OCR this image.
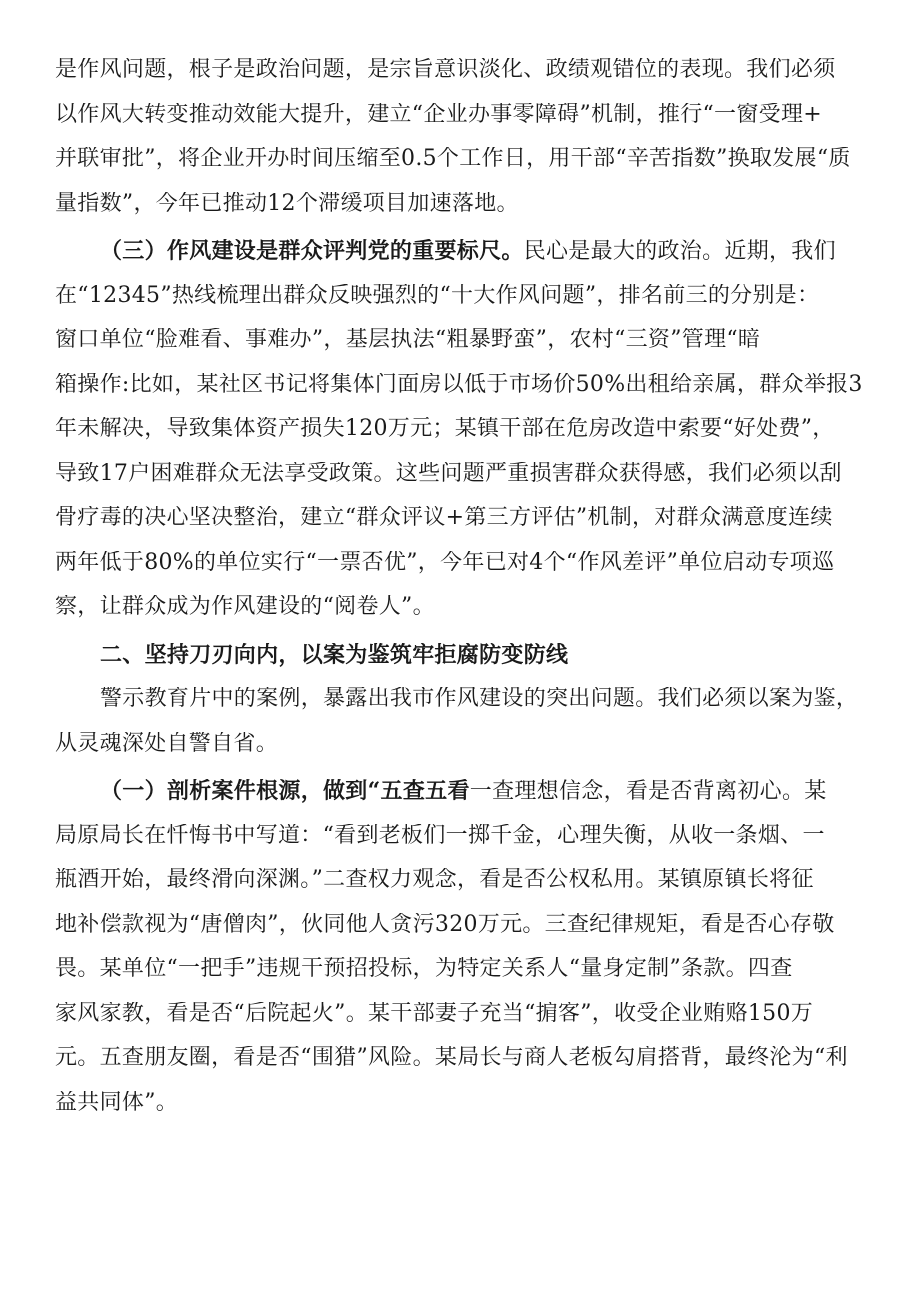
是作风问题，根子是政治问题，是宗旨意识淡化、政绩观错位的表现。我们必须
以作风大转变推动效能大提升，建立“企业办事零障碍”机制，推行“一窗受理+
并联审批”，将企业开办时间压缩至0.5个工作日，用干部“辛苦指数”换取发展“质
量指数”，今年已推动12个滞缓项目加速落地。
（三）作风建设是群众评判党的重要标尺。民心是最大的政治。近期，我们
在“12345”热线梳理出群众反映强烈的“十大作风问题”，排名前三的分别是：
窗口单位“脸难看、事难办”，基层执法“粗暴野蛮”，农村“三资”管理“暗
箱操作:比如，某社区书记将集体门面房以低于市场价50%出租给亲属，群众举报3
年未解决，导致集体资产损失120万元；某镇干部在危房改造中索要“好处费”，
导致17户困难群众无法享受政策。这些问题严重损害群众获得感，我们必须以刮
骨疗毒的决心坚决整治，建立“群众评议+第三方评估”机制，对群众满意度连续
两年低于80%的单位实行“一票否优”，今年已对4个“作风差评”单位启动专项巡
察，让群众成为作风建设的“阅卷人”。
二、坚持刀刃向内，以案为鉴筑牢拒腐防变防线
警示教育片中的案例，暴露出我市作风建设的突出问题。我们必须以案为鉴，
从灵魂深处自警自省。
（一）剖析案件根源，做到“五查五看一查理想信念，看是否背离初心。某
局原局长在忏悔书中写道：“看到老板们一掷千金，心理失衡，从收一条烟、一
瓶酒开始，最终滑向深渊。”二查权力观念，看是否公权私用。某镇原镇长将征
地补偿款视为“唐僧肉”，伙同他人贪污320万元。三查纪律规矩，看是否心存敬
畏。某单位“一把手”违规干预招投标，为特定关系人“量身定制”条款。四查
家风家教，看是否“后院起火”。某干部妻子充当“掮客”，收受企业贿赂150万
元。五查朋友圈，看是否“围猎”风险。某局长与商人老板勾肩搭背，最终沦为“利
益共同体”。
